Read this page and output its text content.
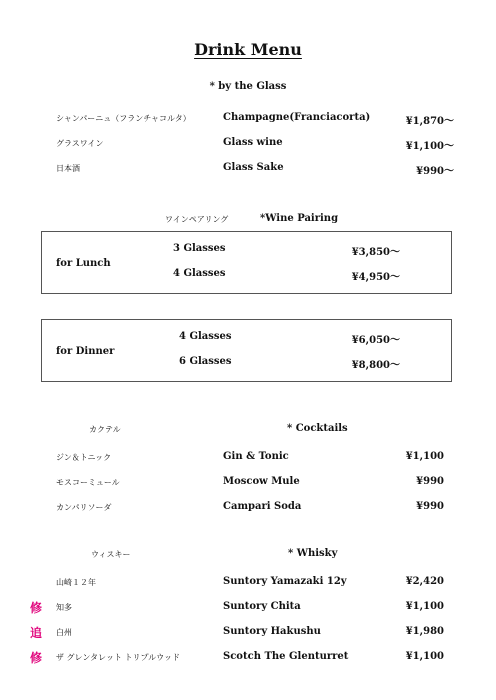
Drink Menu
* by the Glass
シャンパーニュ（フランチャコルタ）	Champagne(Franciacorta)	¥1,870～
グラスワイン	Glass wine	¥1,100～
日本酒	Glass Sake	¥990～
ワインペアリング	*Wine Pairing
for Lunch
3 Glasses	¥3,850～
4 Glasses	¥4,950～
for Dinner
4 Glasses	¥6,050～
6 Glasses	¥8,800～
カクテル	* Cocktails
ジン＆トニック	Gin & Tonic	¥1,100
モスコーミュール	Moscow Mule	¥990
カンパリソーダ	Campari Soda	¥990
ウィスキー	* Whisky
山崎１２年	Suntory Yamazaki 12y	¥2,420
修 知多	Suntory Chita	¥1,100
追 白州	Suntory Hakushu	¥1,980
修 ザ グレンタレット トリプルウッド	Scotch The Glenturret	¥1,100
